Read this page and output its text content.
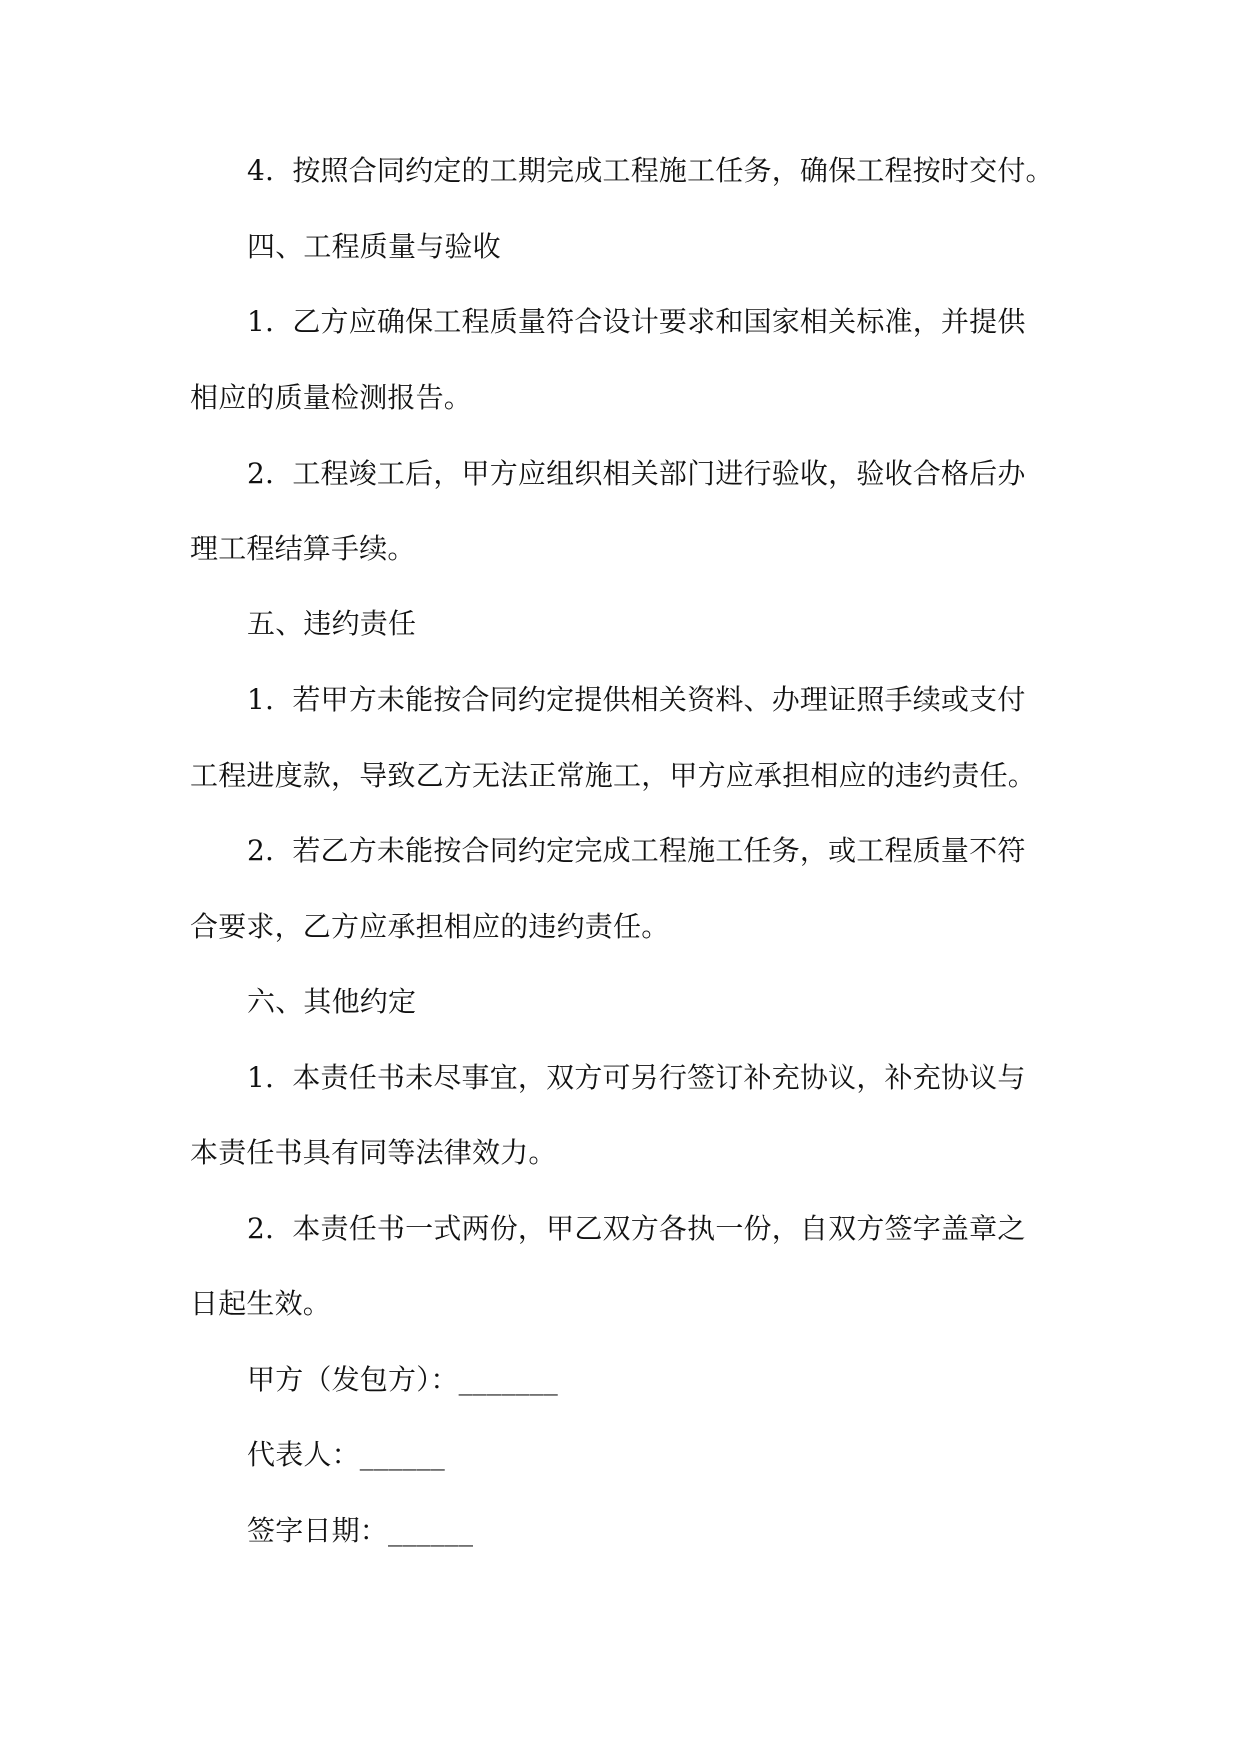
4.  按照合同约定的工期完成工程施工任务，确保工程按时交付。
四、工程质量与验收
1.  乙方应确保工程质量符合设计要求和国家相关标准，并提供
相应的质量检测报告。
2.  工程竣工后，甲方应组织相关部门进行验收，验收合格后办
理工程结算手续。
五、违约责任
1.  若甲方未能按合同约定提供相关资料、办理证照手续或支付
工程进度款，导致乙方无法正常施工，甲方应承担相应的违约责任。
2.  若乙方未能按合同约定完成工程施工任务，或工程质量不符
合要求，乙方应承担相应的违约责任。
六、其他约定
1.  本责任书未尽事宜，双方可另行签订补充协议，补充协议与
本责任书具有同等法律效力。
2.  本责任书一式两份，甲乙双方各执一份，自双方签字盖章之
日起生效。
甲方（发包方）：_______
代表人：______
签字日期：______
